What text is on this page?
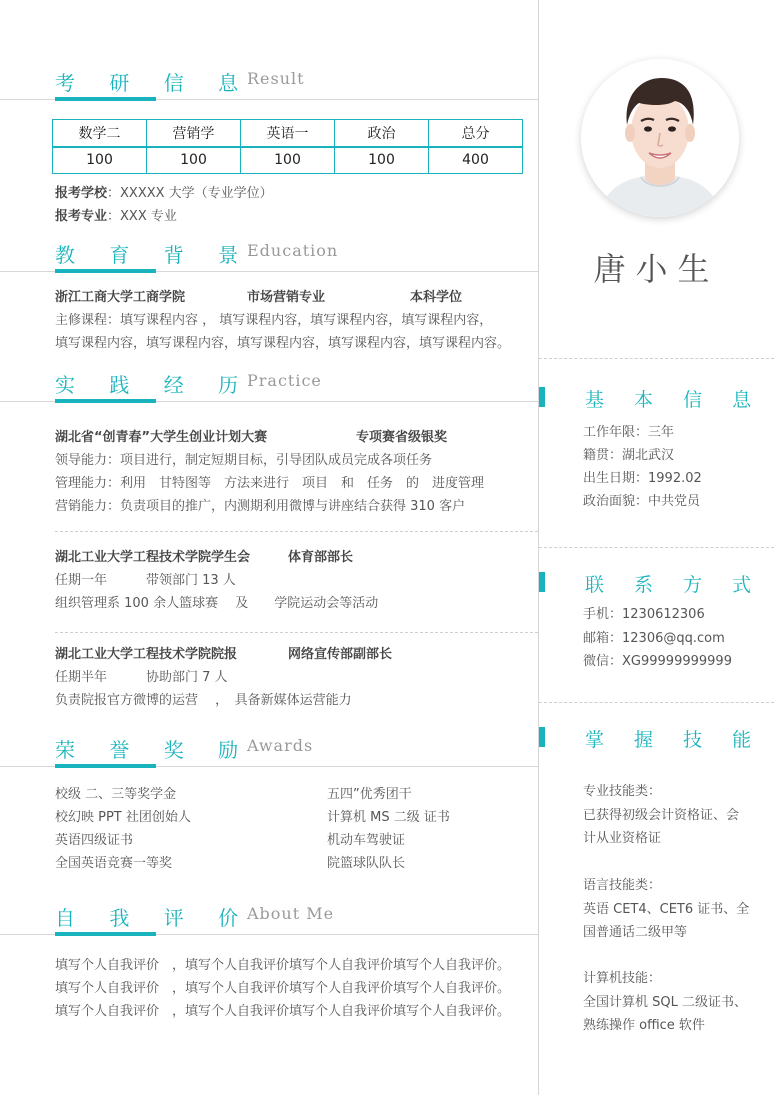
考 研 信 息
Result
数学二	营销学	英语一	政治	总分
100	100	100	100	400
报考学校：XXXXX 大学（专业学位）
报考专业：XXX 专业
教 育 背 景
Education
浙江工商大学工商学院	市场营销专业	本科学位
主修课程：填写课程内容 ， 填写课程内容，填写课程内容，填写课程内容，
填写课程内容，填写课程内容，填写课程内容，填写课程内容，填写课程内容。
实 践 经 历
Practice
湖北省“创青春”大学生创业计划大赛	专项赛省级银奖
领导能力：项目进行，制定短期目标，引导团队成员完成各项任务
管理能力：利用　甘特图等　方法来进行　项目　和　任务　的　进度管理
营销能力：负责项目的推广，内测期利用微博与讲座结合获得 310 客户
湖北工业大学工程技术学院学生会	体育部部长
任期一年　　　带领部门 13 人
组织管理系 100 余人篮球赛　 及　　学院运动会等活动
湖北工业大学工程技术学院院报	网络宣传部副部长
任期半年　　　协助部门 7 人
负责院报官方微博的运营　 ，　具备新媒体运营能力
荣 誉 奖 励
Awards
校级 二、三等奖学金
校幻映 PPT 社团创始人
英语四级证书
全国英语竞赛一等奖
五四”优秀团干
计算机 MS 二级 证书
机动车驾驶证
院篮球队队长
自 我 评 价
About Me
填写个人自我评价　，填写个人自我评价填写个人自我评价填写个人自我评价。
填写个人自我评价　，填写个人自我评价填写个人自我评价填写个人自我评价。
填写个人自我评价　，填写个人自我评价填写个人自我评价填写个人自我评价。
唐小生
基 本 信 息
工作年限：三年
籍贯：湖北武汉
出生日期：1992.02
政治面貌：中共党员
联 系 方 式
手机：1230612306
邮箱：12306@qq.com
微信：XG99999999999
掌 握 技 能
专业技能类：
已获得初级会计资格证、会
计从业资格证
语言技能类：
英语 CET4、CET6 证书、全
国普通话二级甲等
计算机技能：
全国计算机 SQL 二级证书、
熟练操作 office 软件
